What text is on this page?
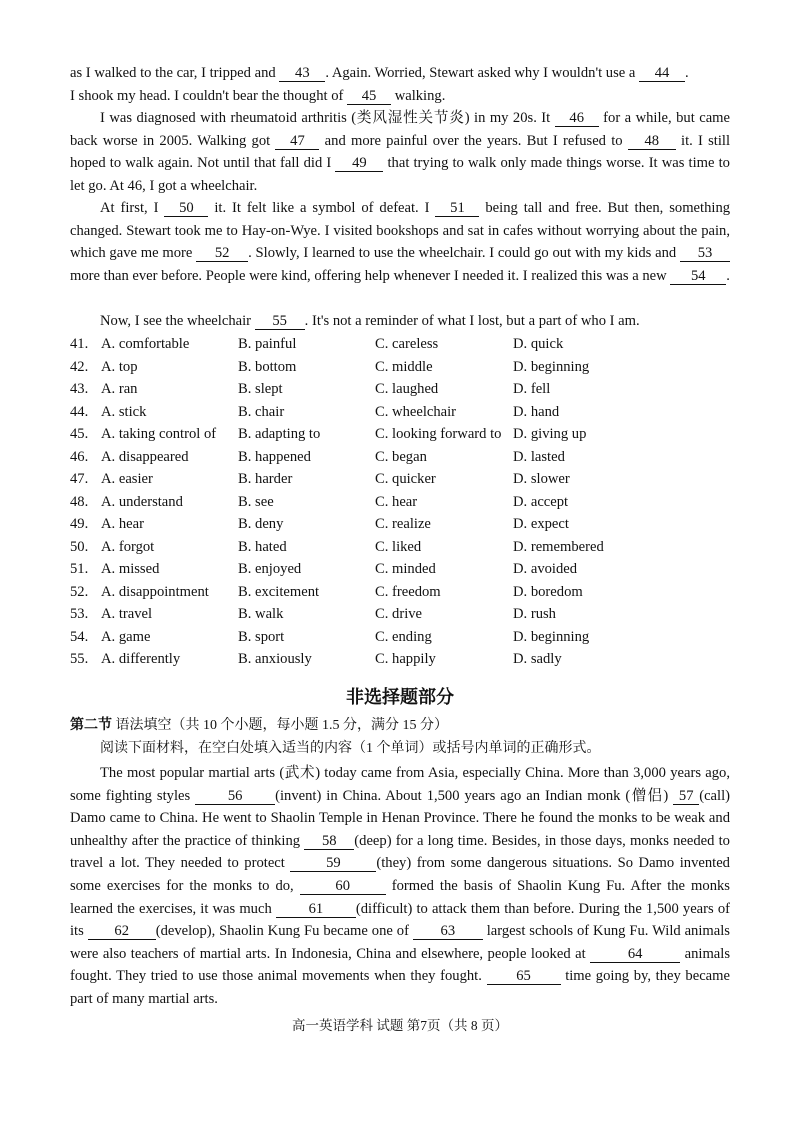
as I walked to the car, I tripped and 43 . Again. Worried, Stewart asked why I wouldn't use a 44 .
I shook my head. I couldn't bear the thought of 45 walking.

I was diagnosed with rheumatoid arthritis (类风湿性关节炎) in my 20s. It 46 for a while, but came back worse in 2005. Walking got 47 and more painful over the years. But I refused to 48 it. I still hoped to walk again. Not until that fall did I 49 that trying to walk only made things worse. It was time to let go. At 46, I got a wheelchair.

At first, I 50 it. It felt like a symbol of defeat. I 51 being tall and free. But then, something changed. Stewart took me to Hay-on-Wye. I visited bookshops and sat in cafes without worrying about the pain, which gave me more 52 . Slowly, I learned to use the wheelchair. I could go out with my kids and 53 more than ever before. People were kind, offering help whenever I needed it. I realized this was a new 54 .

Now, I see the wheelchair 55 . It's not a reminder of what I lost, but a part of who I am.

41. A. comfortable	B. painful	C. careless	D. quick
42. A. top	B. bottom	C. middle	D. beginning
43. A. ran	B. slept	C. laughed	D. fell
44. A. stick	B. chair	C. wheelchair	D. hand
45. A. taking control of B. adapting to	C. looking forward to D. giving up
46. A. disappeared	B. happened	C. began	D. lasted
47. A. easier	B. harder	C. quicker	D. slower
48. A. understand	B. see	C. hear	D. accept
49. A. hear	B. deny	C. realize	D. expect
50. A. forgot	B. hated	C. liked	D. remembered
51. A. missed	B. enjoyed	C. minded	D. avoided
52. A. disappointment B. excitement	C. freedom	D. boredom
53. A. travel	B. walk	C. drive	D. rush
54. A. game	B. sport	C. ending	D. beginning
55. A. differently	B. anxiously	C. happily	D. sadly
非选择题部分
第二节 语法填空（共 10 个小题，每小题 1.5 分，满分 15 分）
阅读下面材料，在空白处填入适当的内容（1 个单词）或括号内单词的正确形式。

The most popular martial arts (武术) today came from Asia, especially China. More than 3,000 years ago, some fighting styles	56 (invent) in China. About 1,500 years ago an Indian monk (僧侣) 57 (call) Damo came to China. He went to Shaolin Temple in Henan Province. There he found the monks to be weak and unhealthy after the practice of thinking 58 (deep) for a long time. Besides, in those days, monks needed to travel a lot. They needed to protect	59 (they) from some dangerous situations. So Damo invented some exercises for the monks to do,	60	formed the basis of Shaolin Kung Fu. After the monks learned the exercises, it was much	61 (difficult) to attack them than before. During the 1,500 years of its 62 (develop), Shaolin Kung Fu became one of 63 largest schools of Kung Fu. Wild animals were also teachers of martial arts. In Indonesia, China and elsewhere, people looked at	64	animals fought. They tried to use those animal movements when they fought. 65 time going by, they became part of many martial arts.

高一英语学科 试题 第7页（共 8 页）
